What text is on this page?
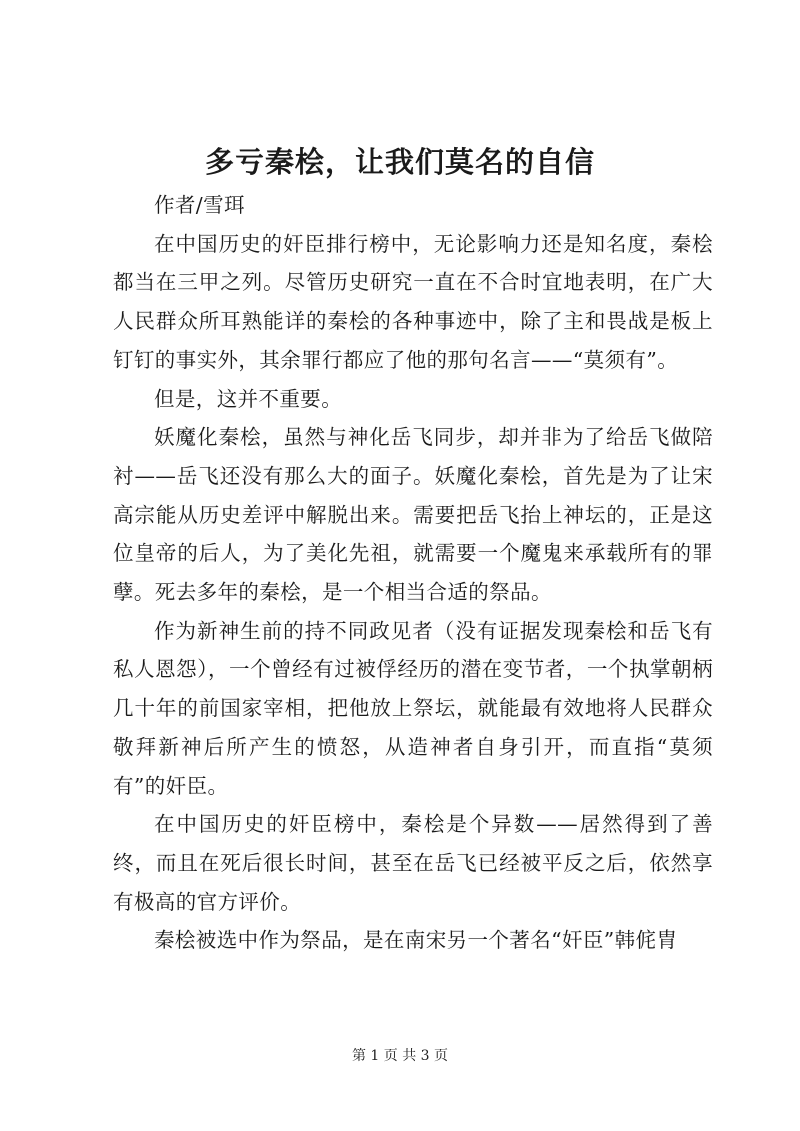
多亏秦桧，让我们莫名的自信

作者/雪珥

在中国历史的奸臣排行榜中，无论影响力还是知名度，秦桧都当在三甲之列。尽管历史研究一直在不合时宜地表明，在广大人民群众所耳熟能详的秦桧的各种事迹中，除了主和畏战是板上钉钉的事实外，其余罪行都应了他的那句名言——“莫须有”。

但是，这并不重要。

妖魔化秦桧，虽然与神化岳飞同步，却并非为了给岳飞做陪衬——岳飞还没有那么大的面子。妖魔化秦桧，首先是为了让宋高宗能从历史差评中解脱出来。需要把岳飞抬上神坛的，正是这位皇帝的后人，为了美化先祖，就需要一个魔鬼来承载所有的罪孽。死去多年的秦桧，是一个相当合适的祭品。

作为新神生前的持不同政见者（没有证据发现秦桧和岳飞有私人恩怨），一个曾经有过被俘经历的潜在变节者，一个执掌朝柄几十年的前国家宰相，把他放上祭坛，就能最有效地将人民群众敬拜新神后所产生的愤怒，从造神者自身引开，而直指“莫须有”的奸臣。

在中国历史的奸臣榜中，秦桧是个异数——居然得到了善终，而且在死后很长时间，甚至在岳飞已经被平反之后，依然享有极高的官方评价。

秦桧被选中作为祭品，是在南宋另一个著名“奸臣”韩侂胄

第 1 页 共 3 页
